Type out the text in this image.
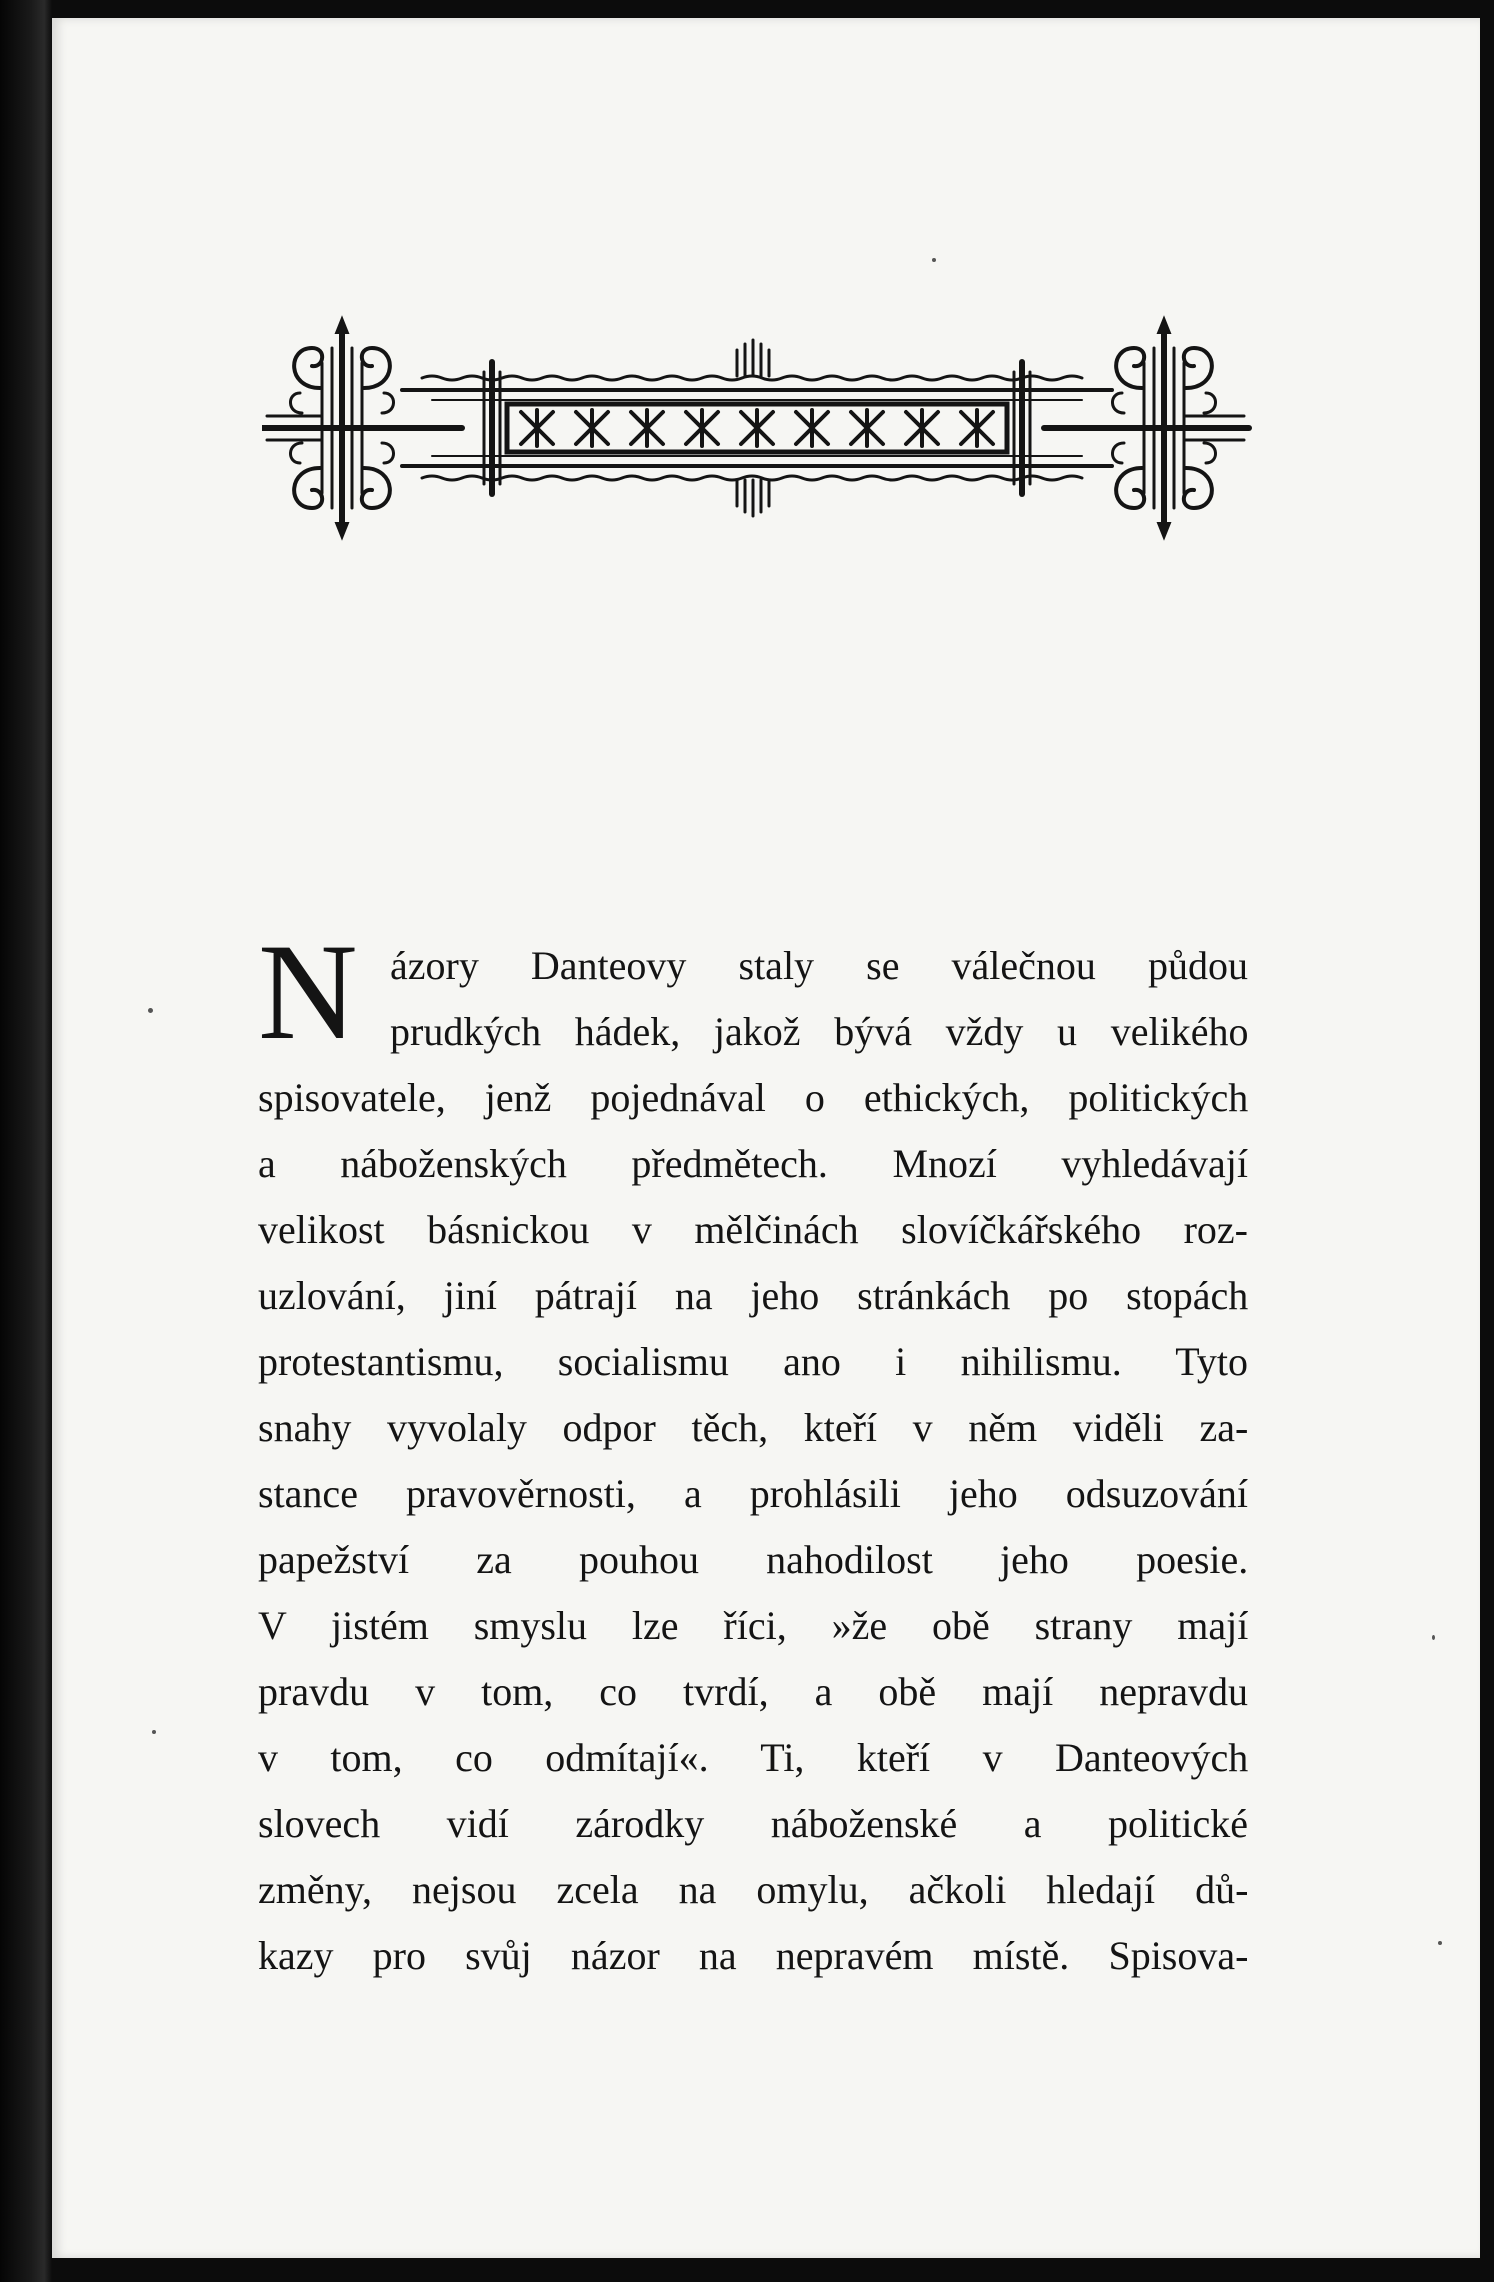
N ázory Danteovy staly se válečnou půdou
prudkých hádek, jakož bývá vždy u velikého
spisovatele, jenž pojednával o ethických, politických
a náboženských předmětech. Mnozí vyhledávají
velikost básnickou v mělčinách slovíčkářského roz-
uzlování, jiní pátrají na jeho stránkách po stopách
protestantismu, socialismu ano i nihilismu. Tyto
snahy vyvolaly odpor těch, kteří v něm viděli za-
stance pravověrnosti, a prohlásili jeho odsuzování
papežství za pouhou nahodilost jeho poesie.
V jistém smyslu lze říci, »že obě strany mají
pravdu v tom, co tvrdí, a obě mají nepravdu
v tom, co odmítají«. Ti, kteří v Danteových
slovech vidí zárodky náboženské a politické
změny, nejsou zcela na omylu, ačkoli hledají dů-
kazy pro svůj názor na nepravém místě. Spisova-
